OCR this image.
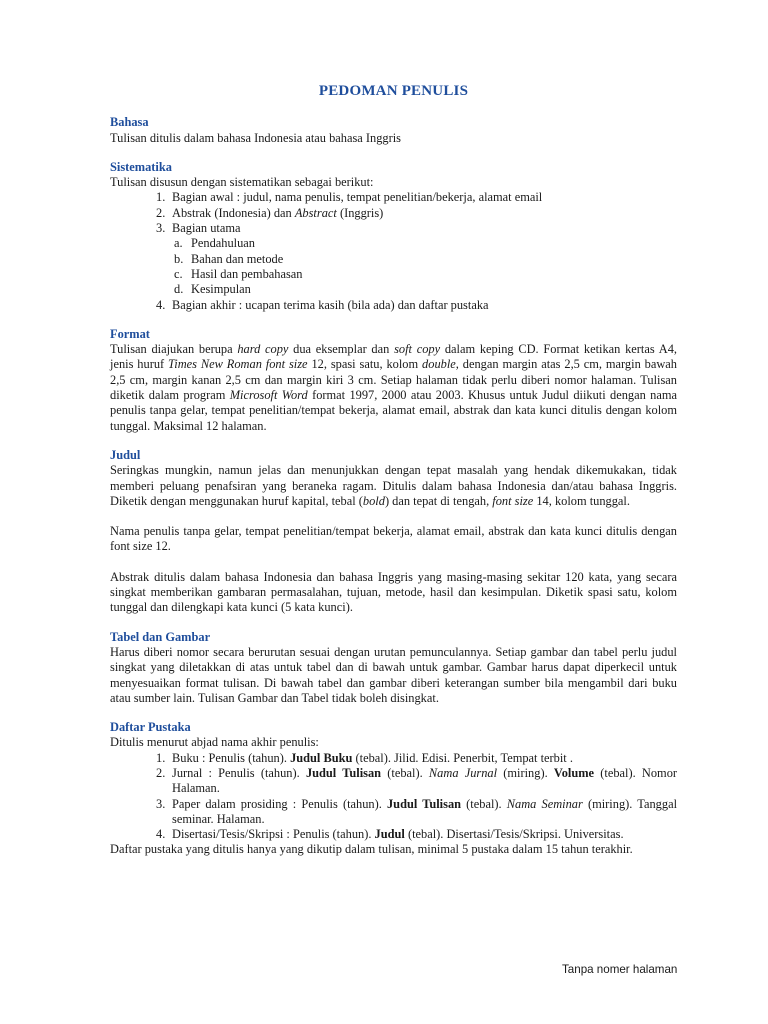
PEDOMAN PENULIS

Bahasa

Tulisan ditulis dalam bahasa Indonesia atau bahasa Inggris

Sistematika

Tulisan disusun dengan sistematikan sebagai berikut:

1. Bagian awal : judul, nama penulis, tempat penelitian/bekerja, alamat email
2. Abstrak (Indonesia) dan Abstract (Inggris)
3. Bagian utama
a. Pendahuluan
b. Bahan dan metode
c. Hasil dan pembahasan
d. Kesimpulan
4. Bagian akhir : ucapan terima kasih (bila ada) dan daftar pustaka

Format

Tulisan diajukan berupa hard copy dua eksemplar dan soft copy dalam keping CD. Format ketikan kertas A4, jenis huruf Times New Roman font size 12, spasi satu, kolom double, dengan margin atas 2,5 cm, margin bawah 2,5 cm, margin kanan 2,5 cm dan margin kiri 3 cm. Setiap halaman tidak perlu diberi nomor halaman. Tulisan diketik dalam program Microsoft Word format 1997, 2000 atau 2003. Khusus untuk Judul diikuti dengan nama penulis tanpa gelar, tempat penelitian/tempat bekerja, alamat email, abstrak dan kata kunci ditulis dengan kolom tunggal. Maksimal 12 halaman.

Judul

Seringkas mungkin, namun jelas dan menunjukkan dengan tepat masalah yang hendak dikemukakan, tidak memberi peluang penafsiran yang beraneka ragam. Ditulis dalam bahasa Indonesia dan/atau bahasa Inggris. Diketik dengan menggunakan huruf kapital, tebal (bold) dan tepat di tengah, font size 14, kolom tunggal.

Nama penulis tanpa gelar, tempat penelitian/tempat bekerja, alamat email, abstrak dan kata kunci ditulis dengan font size 12.

Abstrak ditulis dalam bahasa Indonesia dan bahasa Inggris yang masing-masing sekitar 120 kata, yang secara singkat memberikan gambaran permasalahan, tujuan, metode, hasil dan kesimpulan. Diketik spasi satu, kolom tunggal dan dilengkapi kata kunci (5 kata kunci).

Tabel dan Gambar

Harus diberi nomor secara berurutan sesuai dengan urutan pemunculannya. Setiap gambar dan tabel perlu judul singkat yang diletakkan di atas untuk tabel dan di bawah untuk gambar. Gambar harus dapat diperkecil untuk menyesuaikan format tulisan. Di bawah tabel dan gambar diberi keterangan sumber bila mengambil dari buku atau sumber lain. Tulisan Gambar dan Tabel tidak boleh disingkat.

Daftar Pustaka

Ditulis menurut abjad nama akhir penulis:

1. Buku : Penulis (tahun). Judul Buku (tebal). Jilid. Edisi. Penerbit, Tempat terbit .
2. Jurnal : Penulis (tahun). Judul Tulisan (tebal). Nama Jurnal (miring). Volume (tebal). Nomor Halaman.
3. Paper dalam prosiding : Penulis (tahun). Judul Tulisan (tebal). Nama Seminar (miring). Tanggal seminar. Halaman.
4. Disertasi/Tesis/Skripsi : Penulis (tahun). Judul (tebal). Disertasi/Tesis/Skripsi. Universitas.

Daftar pustaka yang ditulis hanya yang dikutip dalam tulisan, minimal 5 pustaka dalam 15 tahun terakhir.

Tanpa nomer halaman
